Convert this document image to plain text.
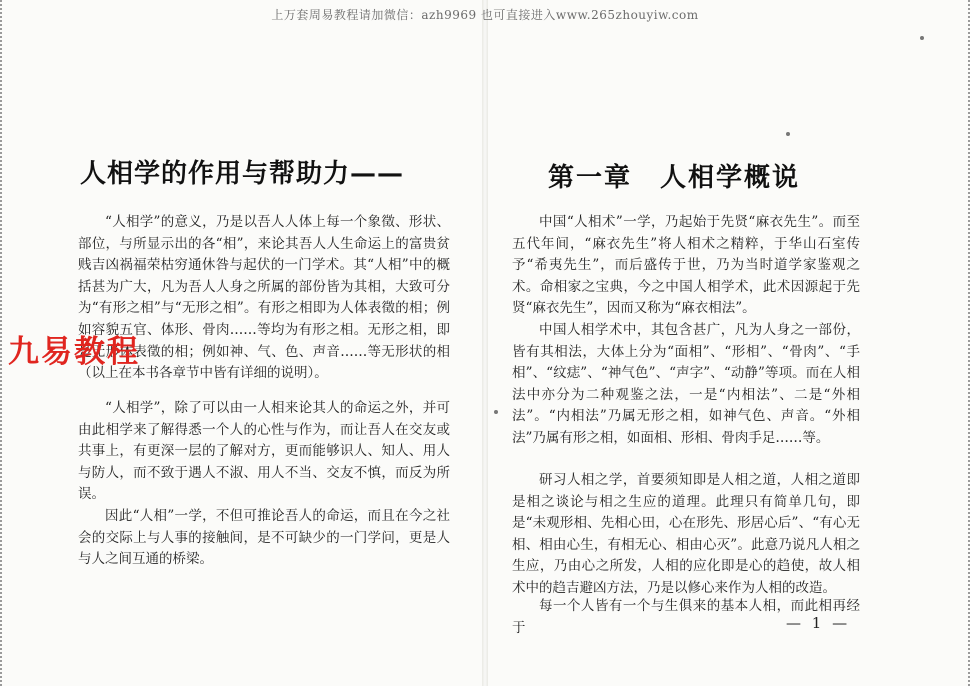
上万套周易教程请加微信：azh9969 也可直接进入www.265zhouyiw.com
人相学的作用与帮助力——

“人相学”的意义，乃是以吾人人体上每一个象徵、形状、部位，与所显示出的各“相”，来论其吾人人生命运上的富贵贫贱吉凶祸福荣枯穷通休咎与起伏的一门学术。其“人相”中的概括甚为广大，凡为吾人人身之所属的部份皆为其相，大致可分为“有形之相”与“无形之相”。有形之相即为人体表徵的相；例如容貌五官、体形、骨肉……等均为有形之相。无形之相，即是无形体表徵的相；例如神、气、色、声音……等无形状的相（以上在本书各章节中皆有详细的说明）。

“人相学”，除了可以由一人相来论其人的命运之外，并可由此相学来了解得悉一个人的心性与作为，而让吾人在交友或共事上，有更深一层的了解对方，更而能够识人、知人、用人与防人，而不致于遇人不淑、用人不当、交友不慎，而反为所误。

因此“人相”一学，不但可推论吾人的命运，而且在今之社会的交际上与人事的接触间，是不可缺少的一门学问，更是人与人之间互通的桥梁。

第一章　人相学概说

中国“人相术”一学，乃起始于先贤“麻衣先生”。而至五代年间，“麻衣先生”将人相术之精粹，于华山石室传予“希夷先生”，而后盛传于世，乃为当时道学家鉴观之术。命相家之宝典，今之中国人相学术，此术因源起于先贤“麻衣先生”，因而又称为“麻衣相法”。

中国人相学术中，其包含甚广，凡为人身之一部份，皆有其相法，大体上分为“面相”、“形相”、“骨肉”、“手相”、“纹痣”、“神气色”、“声字”、“动静”等项。而在人相法中亦分为二种观鉴之法，一是“内相法”、二是“外相法”。“内相法”乃属无形之相，如神气色、声音。“外相法”乃属有形之相，如面相、形相、骨肉手足……等。

研习人相之学，首要须知即是人相之道，人相之道即是相之谈论与相之生应的道理。此理只有简单几句，即是“未观形相、先相心田，心在形先、形居心后”、“有心无相、相由心生，有相无心、相由心灭”。此意乃说凡人相之生应，乃由心之所发，人相的应化即是心的趋使，故人相术中的趋吉避凶方法，乃是以修心来作为人相的改造。

每一个人皆有一个与生俱来的基本人相，而此相再经于	— 1 —
九易教程
